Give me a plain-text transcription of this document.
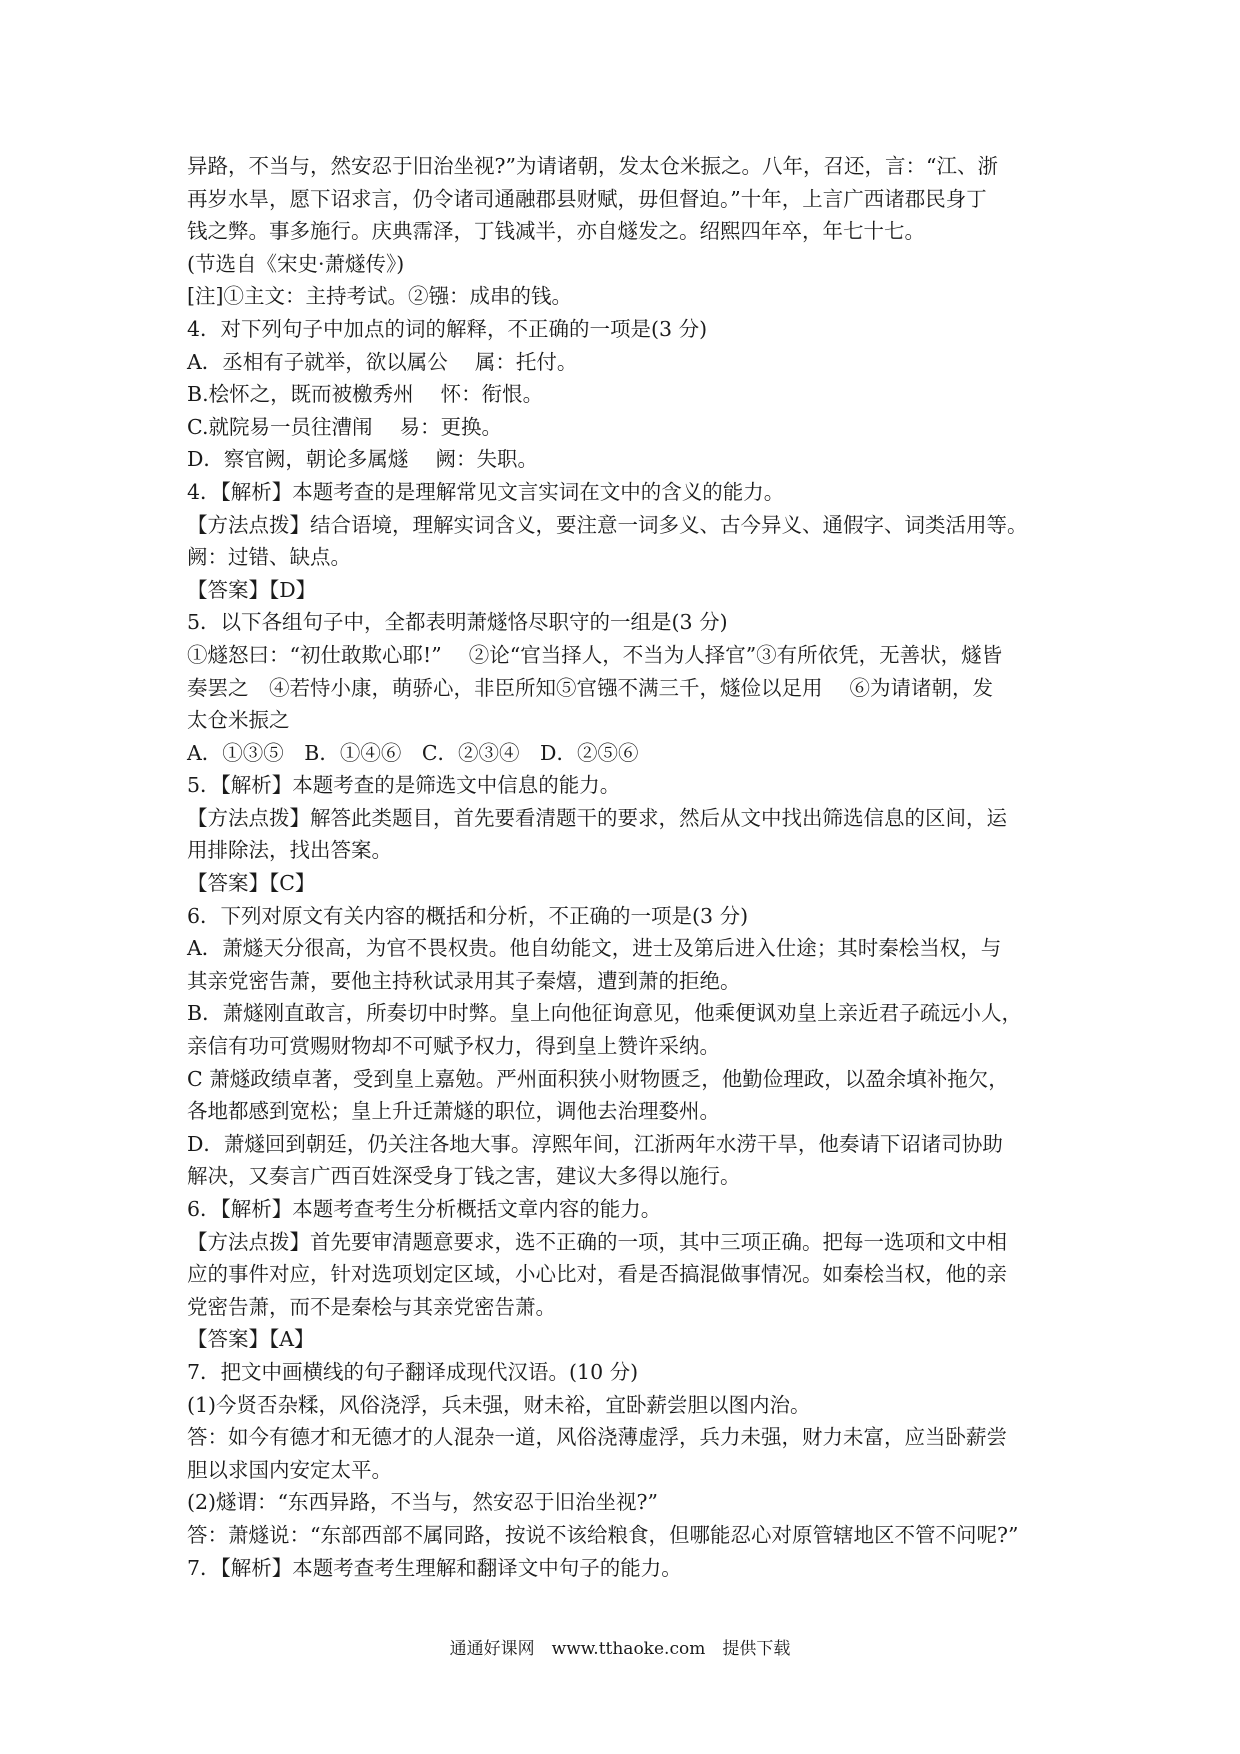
异路，不当与，然安忍于旧治坐视?”为请诸朝，发太仓米振之。八年，召还，言：“江、浙
再岁水旱，愿下诏求言，仍令诸司通融郡县财赋，毋但督迫。”十年，上言广西诸郡民身丁
钱之弊。事多施行。庆典霈泽，丁钱减半，亦自燧发之。绍熙四年卒，年七十七。
(节选自《宋史·萧燧传》)
[注]①主文：主持考试。②镪：成串的钱。
4．对下列句子中加点的词的解释，不正确的一项是(3 分)
A．丞相有子就举，欲以属公　 属：托付。
B.桧怀之，既而被檄秀州　 怀：衔恨。
C.就院易一员往漕闱　 易：更换。
D．察官阙，朝论多属燧　 阙：失职。
4．【解析】本题考查的是理解常见文言实词在文中的含义的能力。
【方法点拨】结合语境，理解实词含义，要注意一词多义、古今异义、通假字、词类活用等。
阙：过错、缺点。
【答案】【D】
5．以下各组句子中，全都表明萧燧恪尽职守的一组是(3 分)
①燧怒曰：“初仕敢欺心耶!”　 ②论“官当择人，不当为人择官”③有所依凭，无善状，燧皆
奏罢之　④若恃小康，萌骄心，非臣所知⑤官镪不满三千，燧俭以足用　 ⑥为请诸朝，发
太仓米振之
A．①③⑤　B．①④⑥　C．②③④　D．②⑤⑥
5．【解析】本题考查的是筛选文中信息的能力。
【方法点拨】解答此类题目，首先要看清题干的要求，然后从文中找出筛选信息的区间，运
用排除法，找出答案。
【答案】【C】
6．下列对原文有关内容的概括和分析，不正确的一项是(3 分)
A．萧燧天分很高，为官不畏权贵。他自幼能文，进士及第后进入仕途；其时秦桧当权，与
其亲党密告萧，要他主持秋试录用其子秦熺，遭到萧的拒绝。
B．萧燧刚直敢言，所奏切中时弊。皇上向他征询意见，他乘便讽劝皇上亲近君子疏远小人，
亲信有功可赏赐财物却不可赋予权力，得到皇上赞许采纳。
C 萧燧政绩卓著，受到皇上嘉勉。严州面积狭小财物匮乏，他勤俭理政，以盈余填补拖欠，
各地都感到宽松；皇上升迁萧燧的职位，调他去治理婺州。
D．萧燧回到朝廷，仍关注各地大事。淳熙年间，江浙两年水涝干旱，他奏请下诏诸司协助
解决，又奏言广西百姓深受身丁钱之害，建议大多得以施行。
6．【解析】本题考查考生分析概括文章内容的能力。
【方法点拨】首先要审清题意要求，选不正确的一项，其中三项正确。把每一选项和文中相
应的事件对应，针对选项划定区域，小心比对，看是否搞混做事情况。如秦桧当权，他的亲
党密告萧，而不是秦桧与其亲党密告萧。
【答案】【A】
7．把文中画横线的句子翻译成现代汉语。(10 分)
(1)今贤否杂糅，风俗浇浮，兵未强，财未裕，宜卧薪尝胆以图内治。
答：如今有德才和无德才的人混杂一道，风俗浇薄虚浮，兵力未强，财力未富，应当卧薪尝
胆以求国内安定太平。
(2)燧谓：“东西异路，不当与，然安忍于旧治坐视?”
答：萧燧说：“东部西部不属同路，按说不该给粮食，但哪能忍心对原管辖地区不管不问呢?”
7．【解析】本题考查考生理解和翻译文中句子的能力。
通通好课网　www.tthaoke.com　提供下载
